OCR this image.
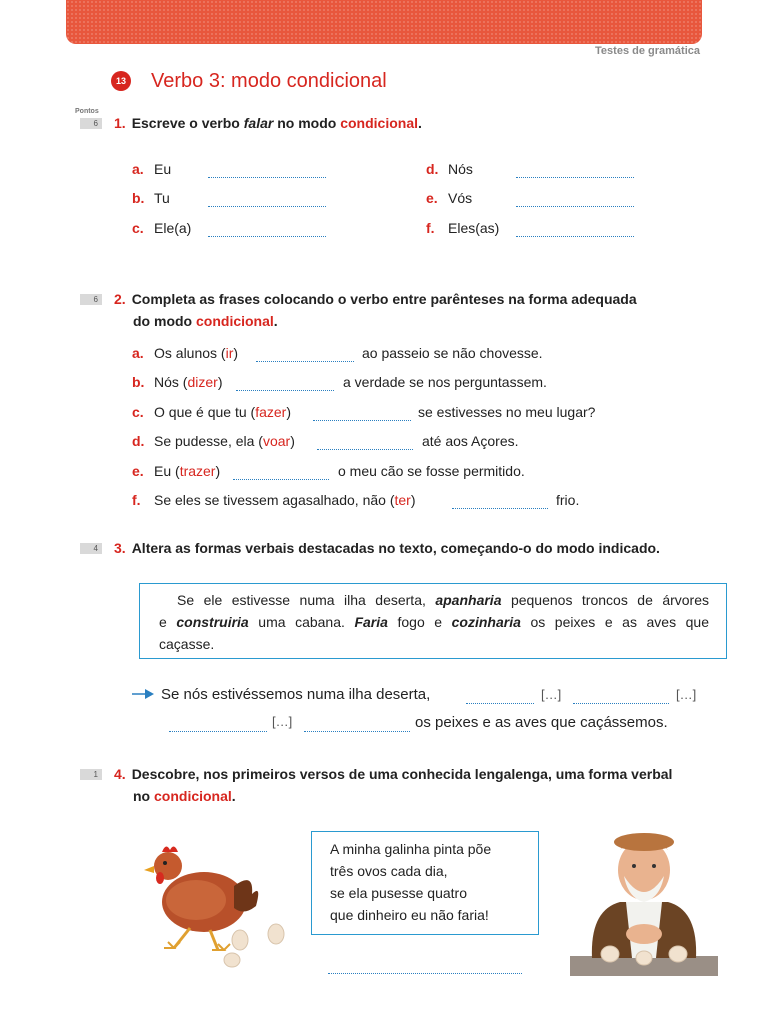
Testes de gramática
13 Verbo 3: modo condicional
Pontos
6 1. Escreve o verbo falar no modo condicional.
a. Eu
b. Tu
c. Ele(a)
d. Nós
e. Vós
f. Eles(as)
6 2. Completa as frases colocando o verbo entre parênteses na forma adequada
do modo condicional.
a. Os alunos (ir)	ao passeio se não chovesse.
b. Nós (dizer)	a verdade se nos perguntassem.
c. O que é que tu (fazer)	se estivesses no meu lugar?
d. Se pudesse, ela (voar)	até aos Açores.
e. Eu (trazer)	o meu cão se fosse permitido.
f. Se eles se tivessem agasalhado, não (ter)	frio.
4 3. Altera as formas verbais destacadas no texto, começando-o do modo indicado.
Se ele estivesse numa ilha deserta, apanharia pequenos troncos de árvores
e construiria uma cabana. Faria fogo e cozinharia os peixes e as aves que
caçasse.
Se nós estivéssemos numa ilha deserta,	[…]	[…]
[…]	os peixes e as aves que caçássemos.
1 4. Descobre, nos primeiros versos de uma conhecida lengalenga, uma forma verbal
no condicional.
A minha galinha pinta põe
três ovos cada dia,
se ela pusesse quatro
que dinheiro eu não faria!
